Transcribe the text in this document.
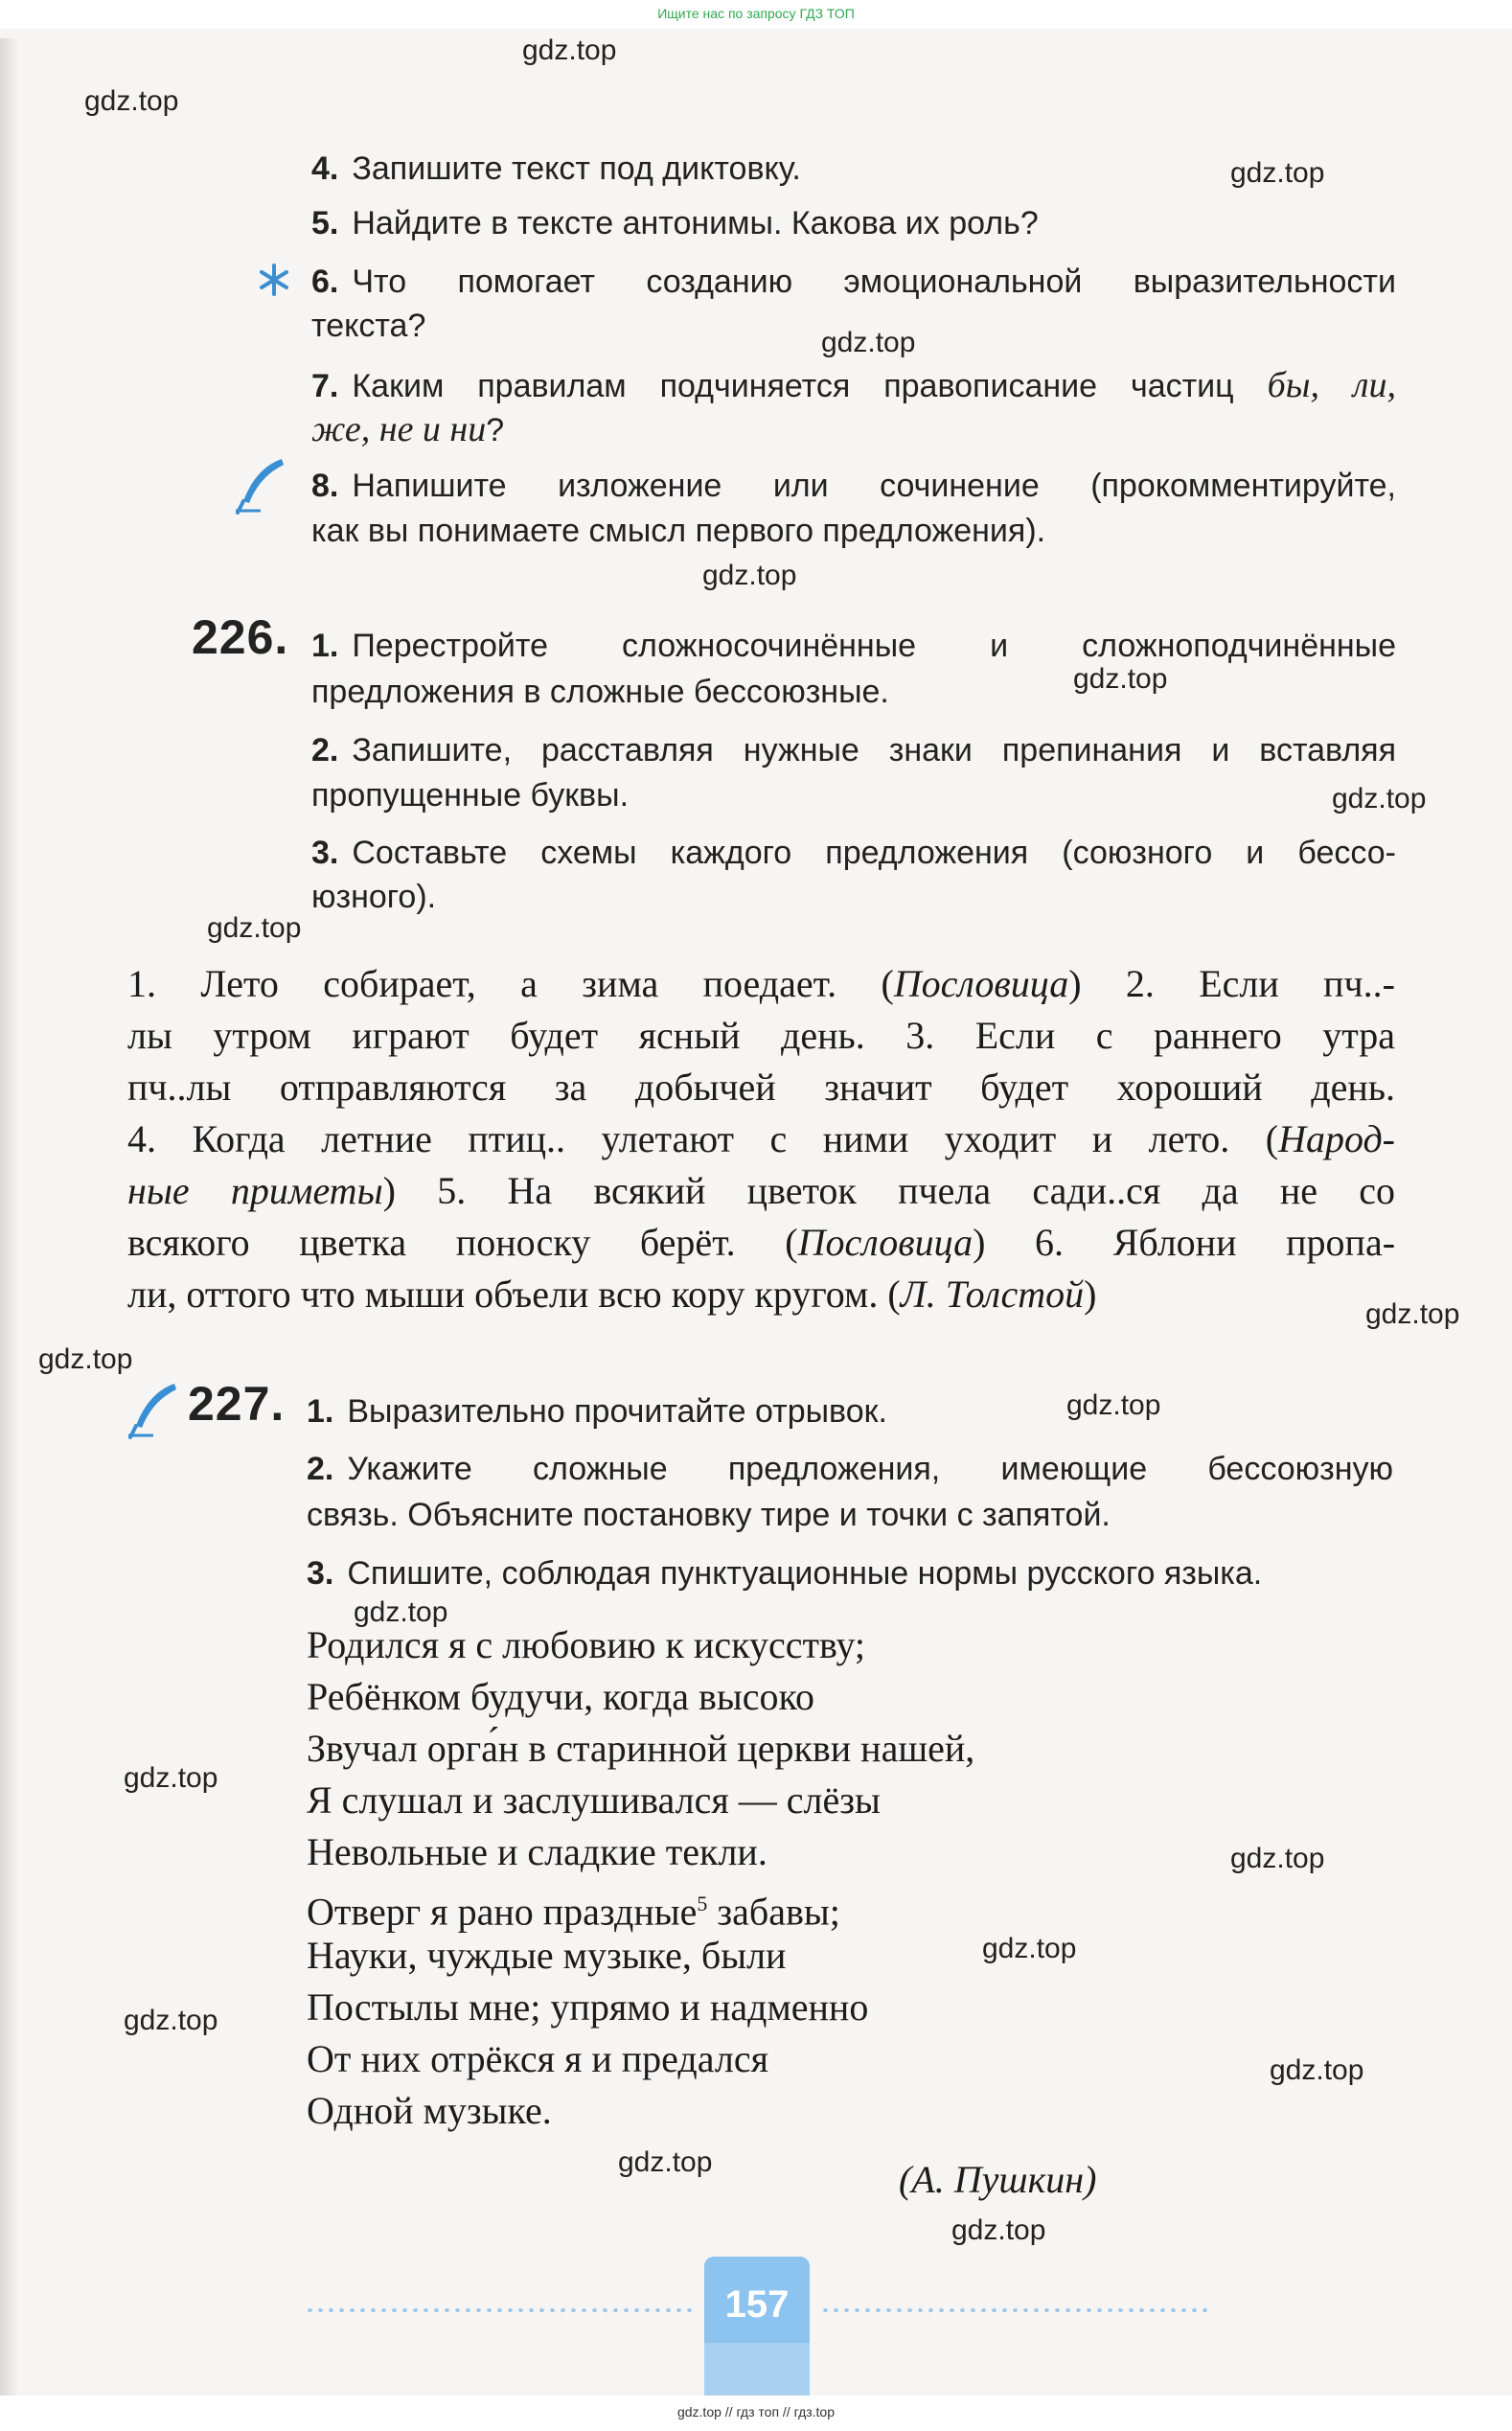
Ищите нас по запросу ГДЗ ТОП
4. Запишите текст под диктовку.
5. Найдите в тексте антонимы. Какова их роль?
6. Что помогает созданию эмоциональной выразительности
текста?
7. Каким правилам подчиняется правописание частиц бы, ли,
же, не и ни?
8. Напишите изложение или сочинение (прокомментируйте,
как вы понимаете смысл первого предложения).
226. 1. Перестройте сложносочинённые и сложноподчинённые
предложения в сложные бессоюзные.
2. Запишите, расставляя нужные знаки препинания и вставляя
пропущенные буквы.
3. Составьте схемы каждого предложения (союзного и бессо-
юзного).
1. Лето собирает, а зима поедает. (Пословица) 2. Если пч..-
лы утром играют будет ясный день. 3. Если с раннего утра
пч..лы отправляются за добычей значит будет хороший день.
4. Когда летние птиц.. улетают с ними уходит и лето. (Народ-
ные приметы) 5. На всякий цветок пчела сади..ся да не со
всякого цветка поноску берёт. (Пословица) 6. Яблони пропа-
ли, оттого что мыши объели всю кору кругом. (Л. Толстой)
227. 1. Выразительно прочитайте отрывок.
2. Укажите сложные предложения, имеющие бессоюзную
связь. Объясните постановку тире и точки с запятой.
3. Спишите, соблюдая пунктуационные нормы русского языка.
Родился я с любовию к искусству;
Ребёнком будучи, когда высоко
Звучал орга́н в старинной церкви нашей,
Я слушал и заслушивался — слёзы
Невольные и сладкие текли.
Отверг я рано праздные$^5$ забавы;
Науки, чуждые музыке, были
Постылы мне; упрямо и надменно
От них отрёкся я и предался
Одной музыке.
(А. Пушкин)
157
gdz.top
gdz.top
gdz.top
gdz.top
gdz.top
gdz.top
gdz.top
gdz.top
gdz.top
gdz.top
gdz.top
gdz.top
gdz.top
gdz.top
gdz.top
gdz.top
gdz.top
gdz.top
gdz.top
gdz.top // гдз топ // гдз.top
